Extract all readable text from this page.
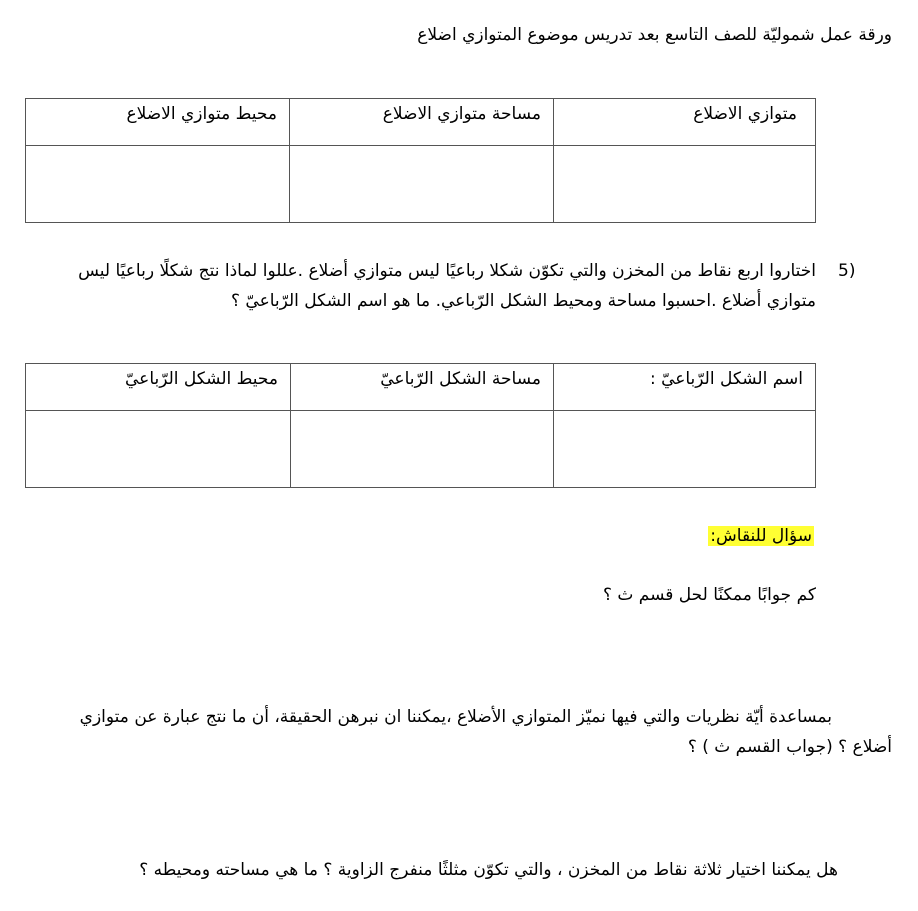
ورقة عمل شموليّة للصف التاسع بعد تدريس موضوع المتوازي اضلاع
متوازي الاضلاع	مساحة متوازي الاضلاع	محيط متوازي الاضلاع

5)
اختاروا اربع نقاط من المخزن والتي تكوّن شكلا رباعيًا ليس متوازي أضلاع .عللوا لماذا نتج شكلًا رباعيًا ليس
متوازي أضلاع .احسبوا مساحة ومحيط الشكل الرّباعي. ما هو اسم الشكل الرّباعيّ ؟
اسم الشكل الرّباعيّ :	مساحة الشكل الرّباعيّ	محيط الشكل الرّباعيّ

سؤال للنقاش:
كم جوابًا ممكنًا لحل قسم ث ؟
بمساعدة أيّة نظريات والتي فيها نميّز المتوازي الأضلاع ،يمكننا ان نبرهن الحقيقة، أن ما نتج عبارة عن متوازي
أضلاع ؟ (جواب القسم ث ) ؟
هل يمكننا اختيار ثلاثة نقاط من المخزن ، والتي تكوّن مثلثًا منفرج الزاوية ؟ ما هي مساحته ومحيطه ؟
